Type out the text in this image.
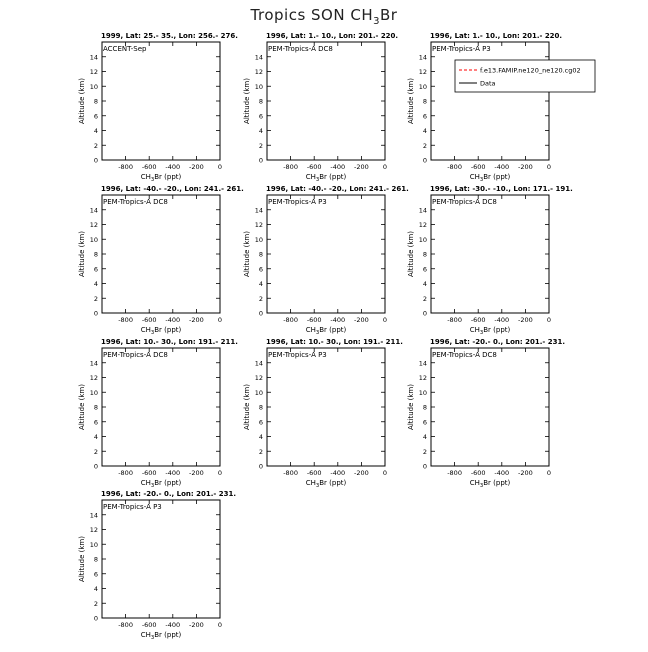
Tropics SON $CH_3Br$
1999, Lat: 25.- 35., Lon: 256.- 276.
ACCENT-Sep
-800 -600 -400 -200 0
0
2
4
6
8
10
12
14
$CH_3Br$ (ppt)
Altitude (km)
1996, Lat: 1.- 10., Lon: 201.- 220.
PEM-Tropics-A DC8
-800 -600 -400 -200 0
0
2
4
6
8
10
12
14
$CH_3Br$ (ppt)
Altitude (km)
1996, Lat: 1.- 10., Lon: 201.- 220.
PEM-Tropics-A P3
-800 -600 -400 -200 0
0
2
4
6
8
10
12
14
$CH_3Br$ (ppt)
Altitude (km)
f.e13.FAMIP.ne120_ne120.cg02
Data
1996, Lat: -40.- -20., Lon: 241.- 261.
PEM-Tropics-A DC8
-800 -600 -400 -200 0
0
2
4
6
8
10
12
14
$CH_3Br$ (ppt)
Altitude (km)
1996, Lat: -40.- -20., Lon: 241.- 261.
PEM-Tropics-A P3
-800 -600 -400 -200 0
0
2
4
6
8
10
12
14
$CH_3Br$ (ppt)
Altitude (km)
1996, Lat: -30.- -10., Lon: 171.- 191.
PEM-Tropics-A DC8
-800 -600 -400 -200 0
0
2
4
6
8
10
12
14
$CH_3Br$ (ppt)
Altitude (km)
1996, Lat: 10.- 30., Lon: 191.- 211.
PEM-Tropics-A DC8
-800 -600 -400 -200 0
0
2
4
6
8
10
12
14
$CH_3Br$ (ppt)
Altitude (km)
1996, Lat: 10.- 30., Lon: 191.- 211.
PEM-Tropics-A P3
-800 -600 -400 -200 0
0
2
4
6
8
10
12
14
$CH_3Br$ (ppt)
Altitude (km)
1996, Lat: -20.- 0., Lon: 201.- 231.
PEM-Tropics-A DC8
-800 -600 -400 -200 0
0
2
4
6
8
10
12
14
$CH_3Br$ (ppt)
Altitude (km)
1996, Lat: -20.- 0., Lon: 201.- 231.
PEM-Tropics-A P3
-800 -600 -400 -200 0
0
2
4
6
8
10
12
14
$CH_3Br$ (ppt)
Altitude (km)
